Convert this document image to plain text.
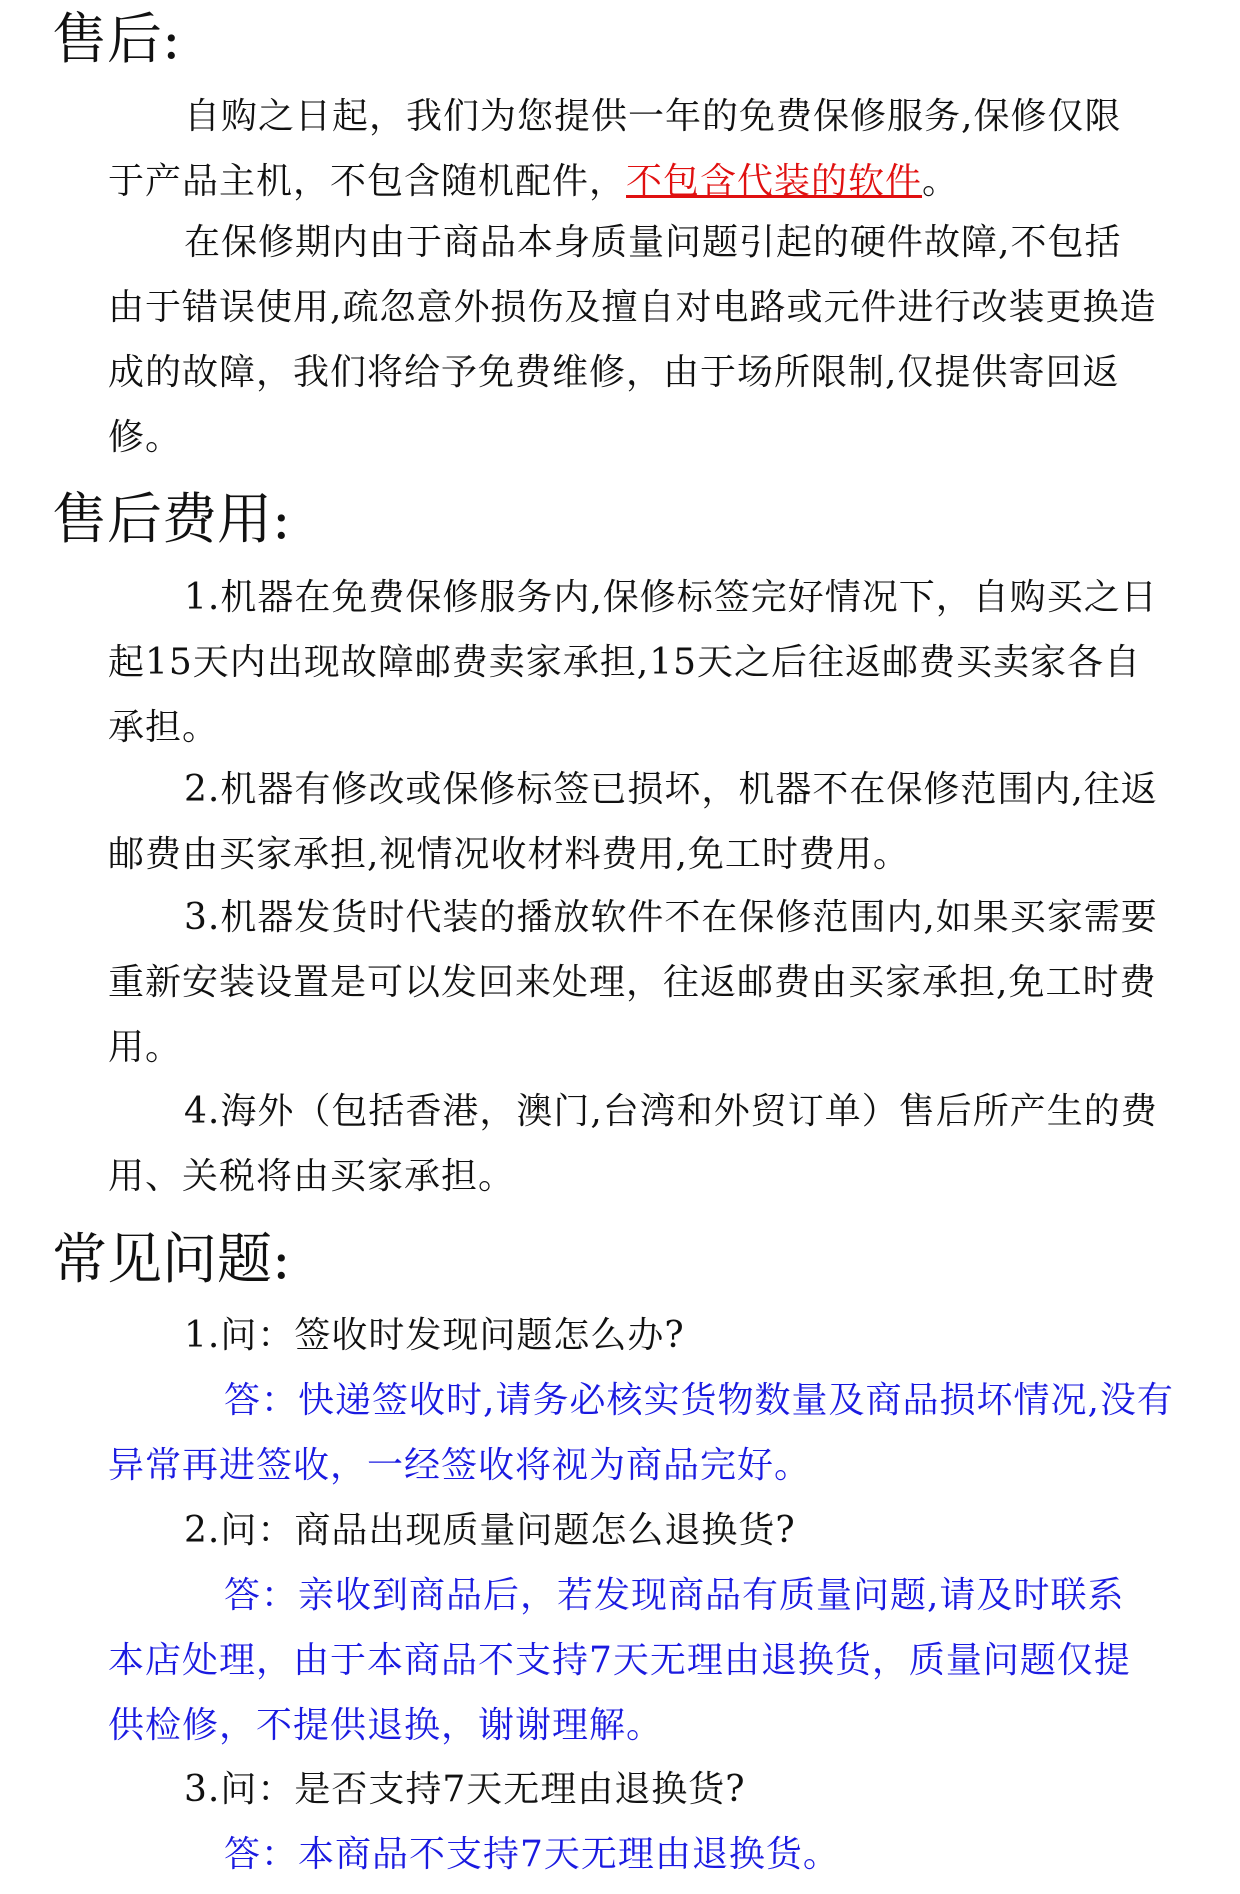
售后:

自购之日起，我们为您提供一年的免费保修服务,保修仅限于产品主机，不包含随机配件，不包含代装的软件。

在保修期内由于商品本身质量问题引起的硬件故障,不包括由于错误使用,疏忽意外损伤及擅自对电路或元件进行改装更换造成的故障，我们将给予免费维修，由于场所限制,仅提供寄回返修。

售后费用:

1.机器在免费保修服务内,保修标签完好情况下，自购买之日起15天内出现故障邮费卖家承担,15天之后往返邮费买卖家各自承担。

2.机器有修改或保修标签已损坏，机器不在保修范围内,往返邮费由买家承担,视情况收材料费用,免工时费用。

3.机器发货时代装的播放软件不在保修范围内,如果买家需要重新安装设置是可以发回来处理，往返邮费由买家承担,免工时费用。

4.海外（包括香港，澳门,台湾和外贸订单）售后所产生的费用、关税将由买家承担。

常见问题:

1.问：签收时发现问题怎么办?

答：快递签收时,请务必核实货物数量及商品损坏情况,没有异常再进签收，一经签收将视为商品完好。

2.问：商品出现质量问题怎么退换货?

答：亲收到商品后，若发现商品有质量问题,请及时联系本店处理，由于本商品不支持7天无理由退换货，质量问题仅提供检修，不提供退换，谢谢理解。

3.问：是否支持7天无理由退换货?

答：本商品不支持7天无理由退换货。
